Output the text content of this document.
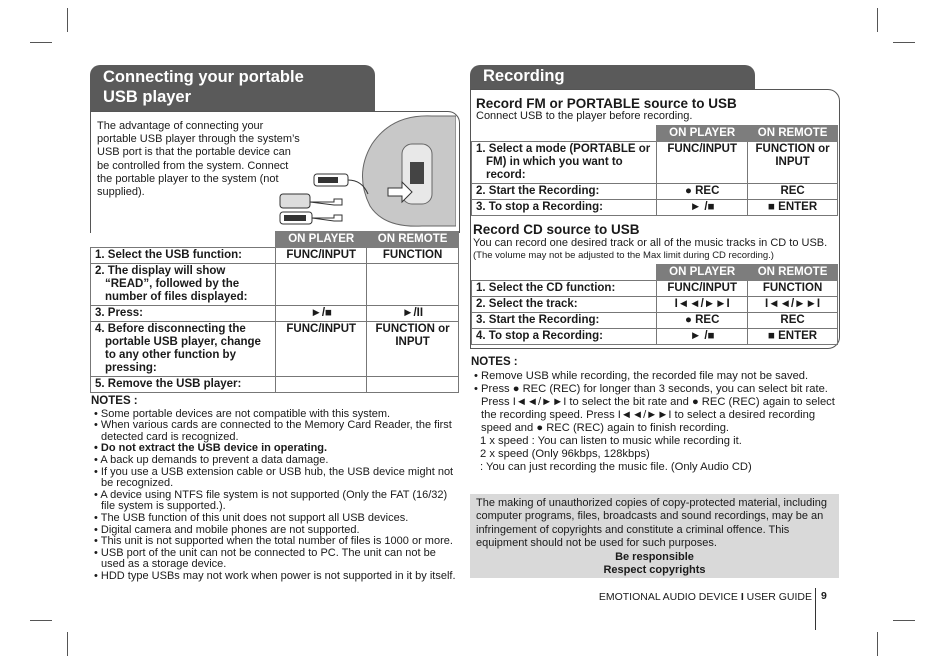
Connecting your portable
USB player
The advantage of connecting your portable USB player through the system’s USB port is that the portable device can be controlled from the system. Connect the portable player to the system (not supplied).
	ON PLAYER	ON REMOTE
1. Select the USB function:	FUNC/INPUT	FUNCTION
2. The display will show “READ”, followed by the number of files displayed:		
3. Press:	►/■	►/II
4. Before disconnecting the portable USB player, change to any other function by pressing:	FUNC/INPUT	FUNCTION or INPUT
5. Remove the USB player:		
NOTES :
• Some portable devices are not compatible with this system.
• When various cards are connected to the Memory Card Reader, the first detected card is recognized.
• Do not extract the USB device in operating.
• A back up demands to prevent a data damage.
• If you use a USB extension cable or USB hub, the USB device might not be recognized.
• A device using NTFS file system is not supported (Only the FAT (16/32) file system is supported.).
• The USB function of this unit does not support all USB devices.
• Digital camera and mobile phones are not supported.
• This unit is not supported when the total number of files is 1000 or more.
• USB port of the unit can not be connected to PC. The unit can not be used as a storage device.
• HDD type USBs may not work when power is not supported in it by itself.
Recording
Record FM or PORTABLE source to USB
Connect USB to the player before recording.
	ON PLAYER	ON REMOTE
1. Select a mode (PORTABLE or FM) in which you want to record:	FUNC/INPUT	FUNCTION or INPUT
2. Start the Recording:	● REC	REC
3. To stop a Recording:	► /■	■ ENTER
Record CD source to USB
You can record one desired track or all of the music tracks in CD to USB.
(The volume may not be adjusted to the Max limit during CD recording.)
	ON PLAYER	ON REMOTE
1. Select the CD function:	FUNC/INPUT	FUNCTION
2. Select the track:	I◄◄/►►I	I◄◄/►►I
3. Start the Recording:	● REC	REC
4. To stop a Recording:	► /■	■ ENTER
NOTES :
• Remove USB while recording, the recorded file may not be saved.
• Press ● REC (REC) for longer than 3 seconds, you can select bit rate. Press I◄◄/►►I to select the bit rate and ● REC (REC) again to select the recording speed. Press I◄◄/►►I to select a desired recording speed and ● REC (REC) again to finish recording.
1 x speed : You can listen to music while recording it.
2 x speed (Only 96kbps, 128kbps)
: You can just recording the music file. (Only Audio CD)
The making of unauthorized copies of copy-protected material, including computer programs, files, broadcasts and sound recordings, may be an infringement of copyrights and constitute a criminal offence. This equipment should not be used for such purposes.
Be responsible
Respect copyrights
EMOTIONAL AUDIO DEVICE I USER GUIDE 9
